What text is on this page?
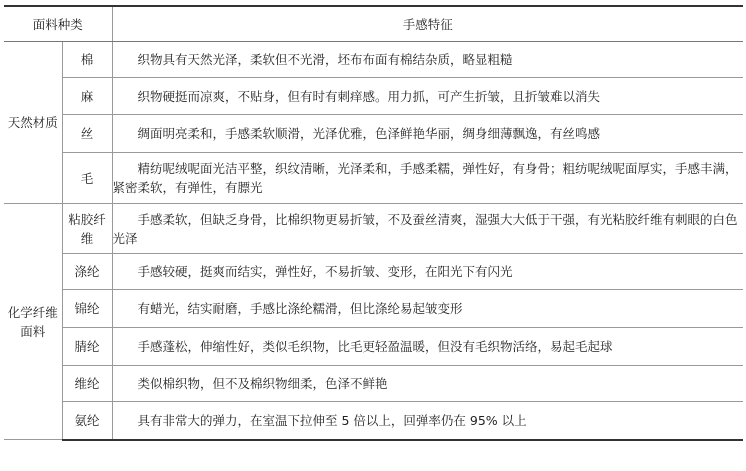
面料种类		手感特征
天然材质	棉	织物具有天然光泽，柔软但不光滑，坯布布面有棉结杂质，略显粗糙
	麻	织物硬挺而凉爽，不贴身，但有时有刺痒感。用力抓，可产生折皱，且折皱难以消失
	丝	绸面明亮柔和，手感柔软顺滑，光泽优雅，色泽鲜艳华丽，绸身细薄飘逸，有丝鸣感
	毛	精纺呢绒呢面光洁平整，织纹清晰，光泽柔和，手感柔糯，弹性好，有身骨；粗纺呢绒呢面厚实，手感丰满，紧密柔软，有弹性，有膘光
化学纤维面料	粘胶纤维	手感柔软，但缺乏身骨，比棉织物更易折皱，不及蚕丝清爽，湿强大大低于干强，有光粘胶纤维有刺眼的白色光泽
	涤纶	手感较硬，挺爽而结实，弹性好，不易折皱、变形，在阳光下有闪光
	锦纶	有蜡光，结实耐磨，手感比涤纶糯滑，但比涤纶易起皱变形
	腈纶	手感蓬松，伸缩性好，类似毛织物，比毛更轻盈温暖，但没有毛织物活络，易起毛起球
	维纶	类似棉织物，但不及棉织物细柔，色泽不鲜艳
	氨纶	具有非常大的弹力，在室温下拉伸至 5 倍以上，回弹率仍在 95% 以上
